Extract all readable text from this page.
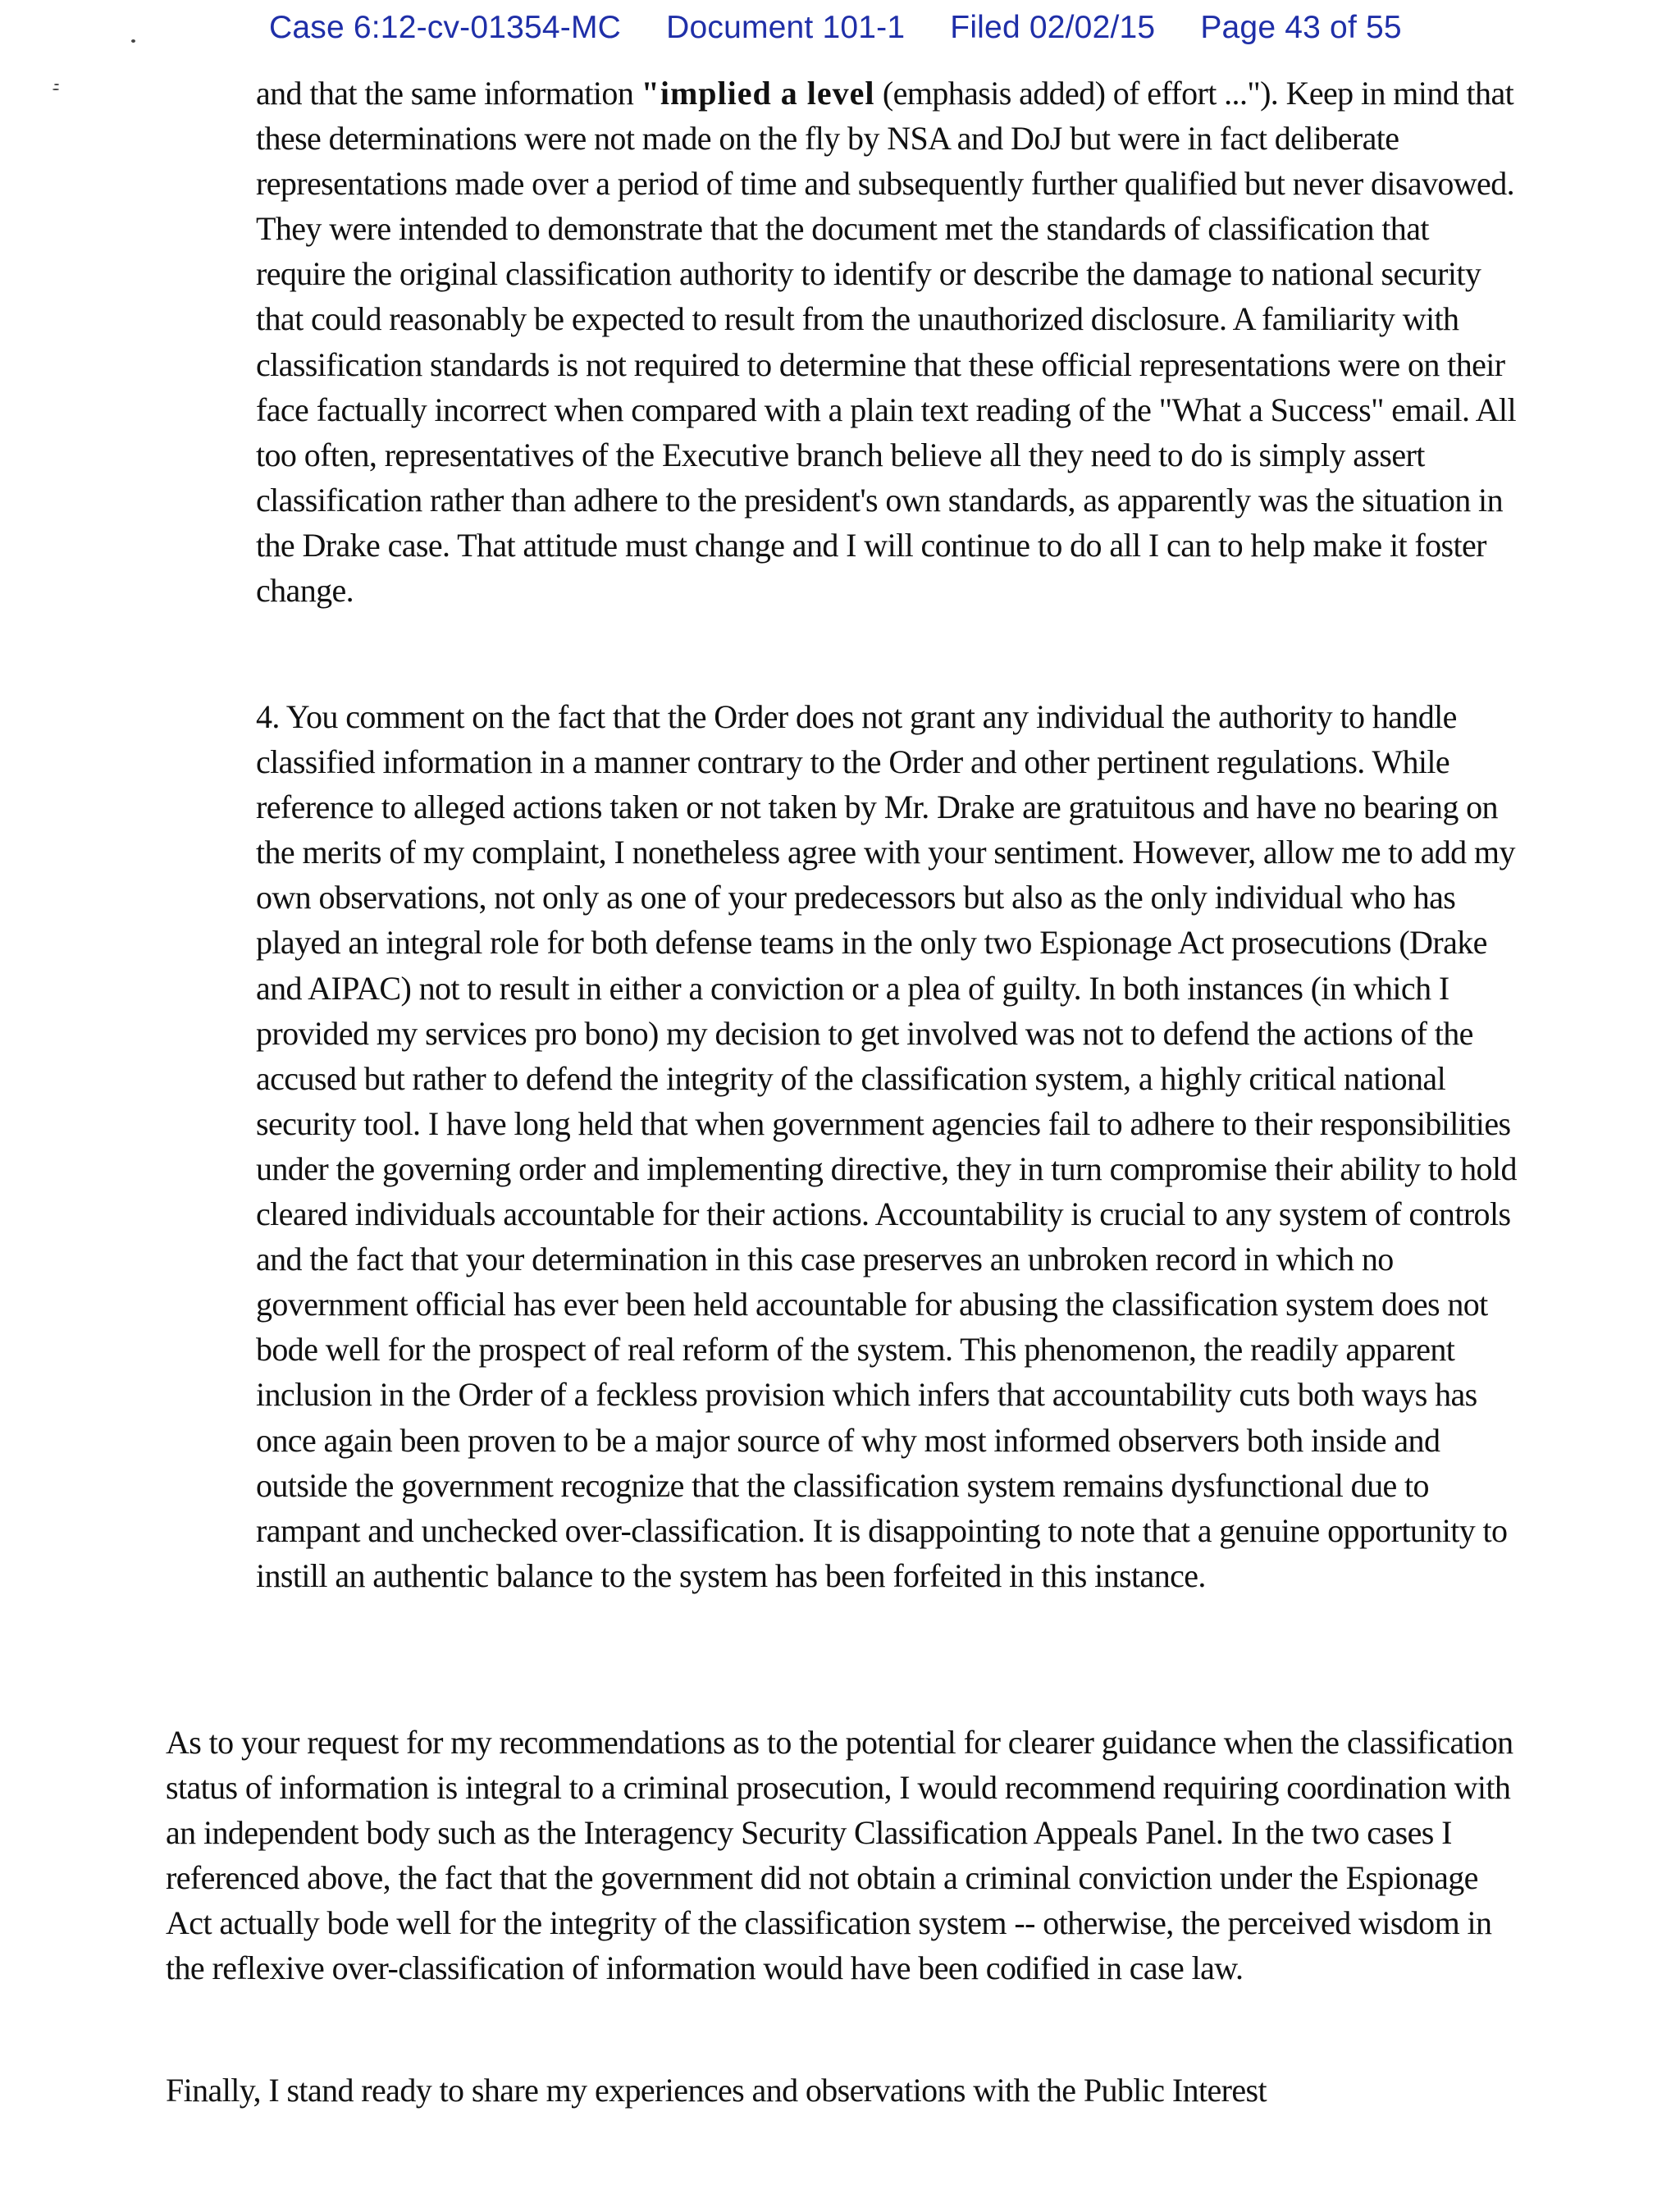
Case 6:12-cv-01354-MC Document 101-1 Filed 02/02/15 Page 43 of 55

and that the same information "implied a level (emphasis added) of effort ..."). Keep in mind that these determinations were not made on the fly by NSA and DoJ but were in fact deliberate representations made over a period of time and subsequently further qualified but never disavowed. They were intended to demonstrate that the document met the standards of classification that require the original classification authority to identify or describe the damage to national security that could reasonably be expected to result from the unauthorized disclosure. A familiarity with classification standards is not required to determine that these official representations were on their face factually incorrect when compared with a plain text reading of the "What a Success" email. All too often, representatives of the Executive branch believe all they need to do is simply assert classification rather than adhere to the president's own standards, as apparently was the situation in the Drake case. That attitude must change and I will continue to do all I can to help make it foster change.

4. You comment on the fact that the Order does not grant any individual the authority to handle classified information in a manner contrary to the Order and other pertinent regulations. While reference to alleged actions taken or not taken by Mr. Drake are gratuitous and have no bearing on the merits of my complaint, I nonetheless agree with your sentiment. However, allow me to add my own observations, not only as one of your predecessors but also as the only individual who has played an integral role for both defense teams in the only two Espionage Act prosecutions (Drake and AIPAC) not to result in either a conviction or a plea of guilty. In both instances (in which I provided my services pro bono) my decision to get involved was not to defend the actions of the accused but rather to defend the integrity of the classification system, a highly critical national security tool. I have long held that when government agencies fail to adhere to their responsibilities under the governing order and implementing directive, they in turn compromise their ability to hold cleared individuals accountable for their actions. Accountability is crucial to any system of controls and the fact that your determination in this case preserves an unbroken record in which no government official has ever been held accountable for abusing the classification system does not bode well for the prospect of real reform of the system. This phenomenon, the readily apparent inclusion in the Order of a feckless provision which infers that accountability cuts both ways has once again been proven to be a major source of why most informed observers both inside and outside the government recognize that the classification system remains dysfunctional due to rampant and unchecked over-classification. It is disappointing to note that a genuine opportunity to instill an authentic balance to the system has been forfeited in this instance.

As to your request for my recommendations as to the potential for clearer guidance when the classification status of information is integral to a criminal prosecution, I would recommend requiring coordination with an independent body such as the Interagency Security Classification Appeals Panel. In the two cases I referenced above, the fact that the government did not obtain a criminal conviction under the Espionage Act actually bode well for the integrity of the classification system -- otherwise, the perceived wisdom in the reflexive over-classification of information would have been codified in case law.

Finally, I stand ready to share my experiences and observations with the Public Interest
